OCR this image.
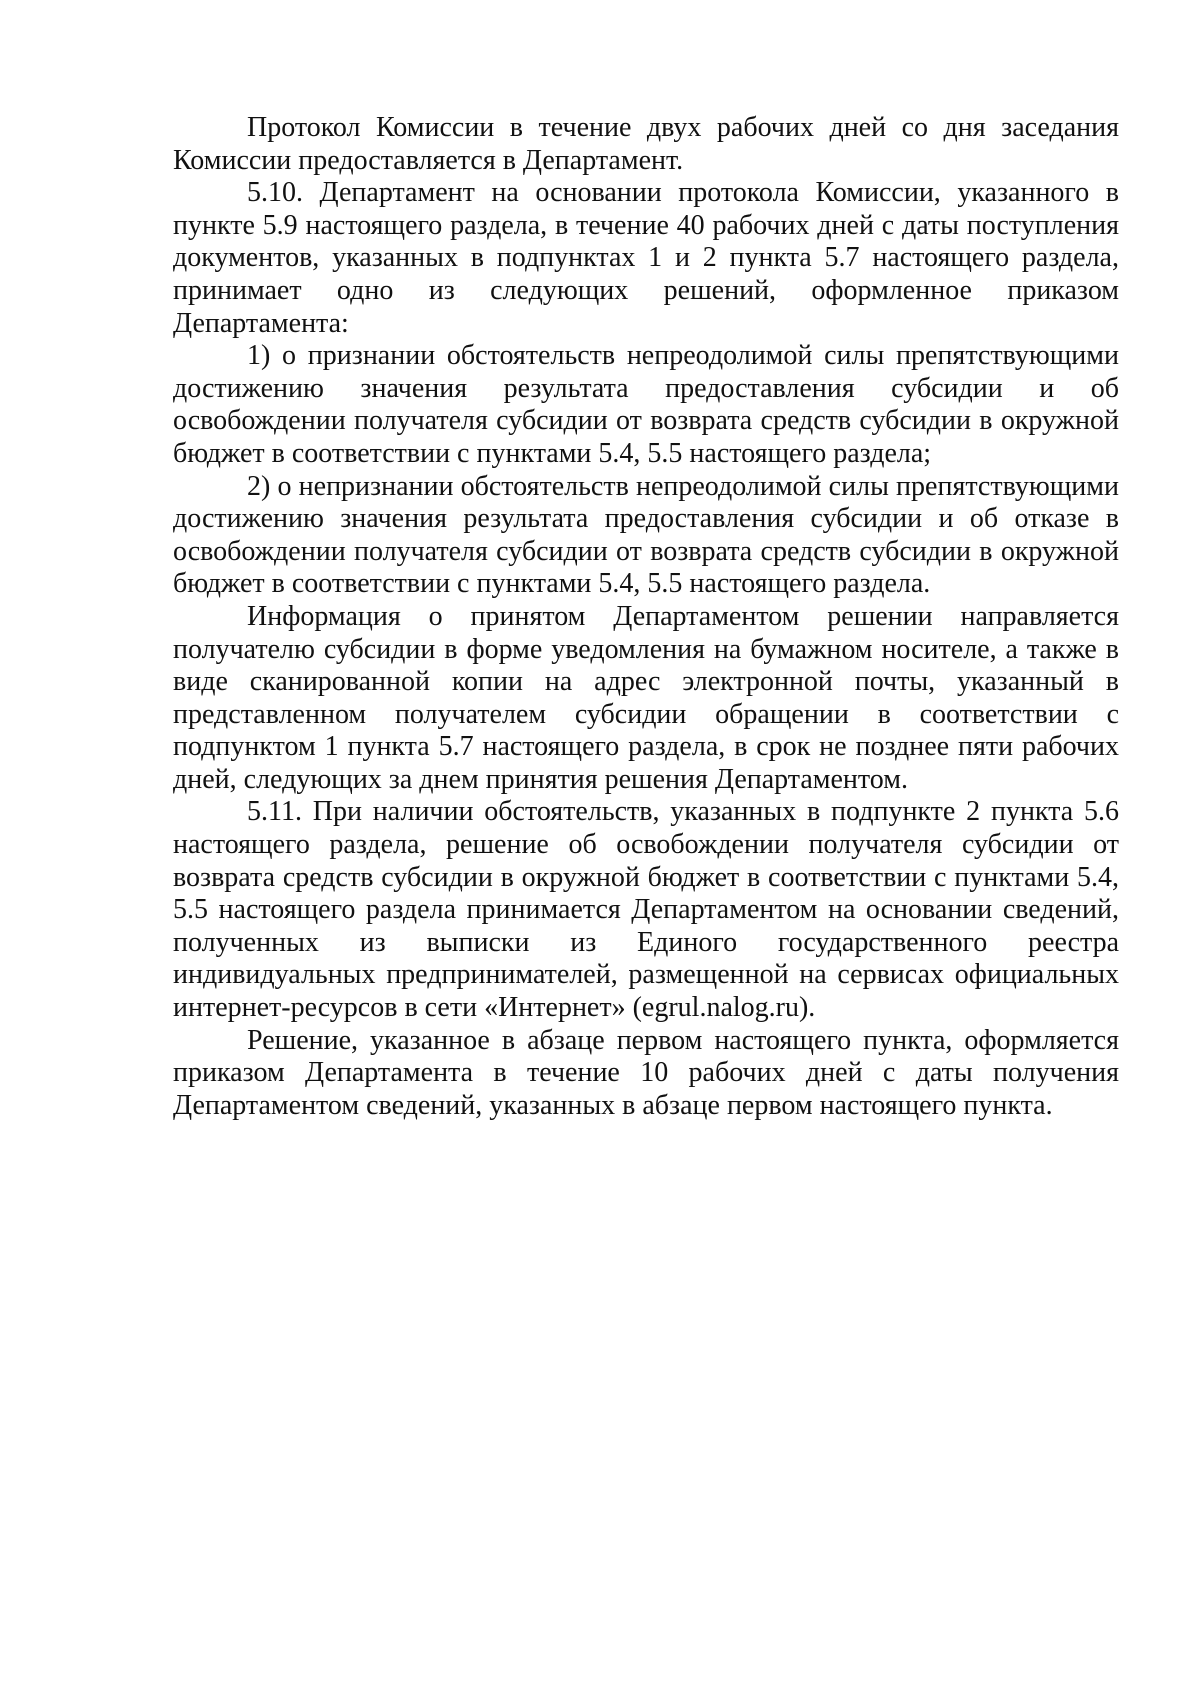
Протокол Комиссии в течение двух рабочих дней со дня заседания Комиссии предоставляется в Департамент.

5.10. Департамент на основании протокола Комиссии, указанного в пункте 5.9 настоящего раздела, в течение 40 рабочих дней с даты поступления документов, указанных в подпунктах 1 и 2 пункта 5.7 настоящего раздела, принимает одно из следующих решений, оформленное приказом Департамента:

1) о признании обстоятельств непреодолимой силы препятствующими достижению значения результата предоставления субсидии и об освобождении получателя субсидии от возврата средств субсидии в окружной бюджет в соответствии с пунктами 5.4, 5.5 настоящего раздела;

2) о непризнании обстоятельств непреодолимой силы препятствующими достижению значения результата предоставления субсидии и об отказе в освобождении получателя субсидии от возврата средств субсидии в окружной бюджет в соответствии с пунктами 5.4, 5.5 настоящего раздела.

Информация о принятом Департаментом решении направляется получателю субсидии в форме уведомления на бумажном носителе, а также в виде сканированной копии на адрес электронной почты, указанный в представленном получателем субсидии обращении в соответствии с подпунктом 1 пункта 5.7 настоящего раздела, в срок не позднее пяти рабочих дней, следующих за днем принятия решения Департаментом.

5.11. При наличии обстоятельств, указанных в подпункте 2 пункта 5.6 настоящего раздела, решение об освобождении получателя субсидии от возврата средств субсидии в окружной бюджет в соответствии с пунктами 5.4, 5.5 настоящего раздела принимается Департаментом на основании сведений, полученных из выписки из Единого государственного реестра индивидуальных предпринимателей, размещенной на сервисах официальных интернет-ресурсов в сети «Интернет» (egrul.nalog.ru).

Решение, указанное в абзаце первом настоящего пункта, оформляется приказом Департамента в течение 10 рабочих дней с даты получения Департаментом сведений, указанных в абзаце первом настоящего пункта.
